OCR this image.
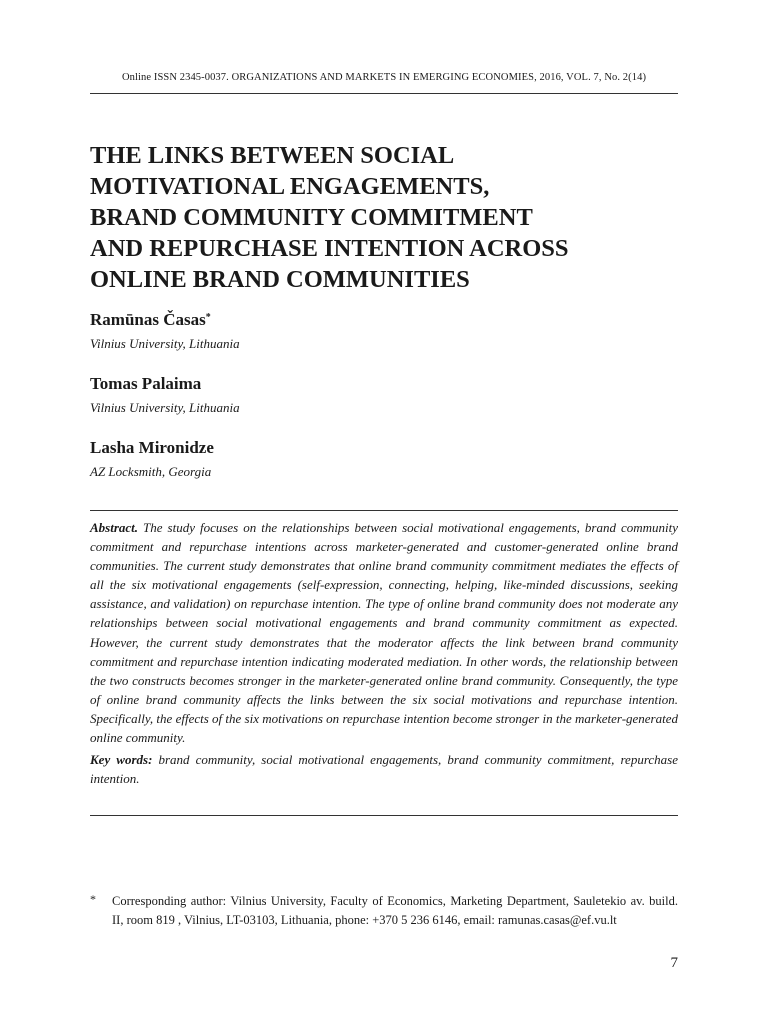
Online ISSN 2345-0037. ORGANIZATIONS AND MARKETS IN EMERGING ECONOMIES, 2016, VOL. 7, No. 2(14)
THE LINKS BETWEEN SOCIAL
MOTIVATIONAL ENGAGEMENTS,
BRAND COMMUNITY COMMITMENT
AND REPURCHASE INTENTION ACROSS
ONLINE BRAND COMMUNITIES
Ramūnas Časas*
Vilnius University, Lithuania
Tomas Palaima
Vilnius University, Lithuania
Lasha Mironidze
AZ Locksmith, Georgia

Abstract. The study focuses on the relationships between social motivational engagements, brand community commitment and repurchase intentions across marketer-generated and customer-generated online brand communities. The current study demonstrates that online brand community commitment mediates the effects of all the six motivational engagements (self-expression, connecting, helping, like-minded discussions, seeking assistance, and validation) on repurchase intention. The type of online brand community does not moderate any relationships between social motivational engagements and brand community commitment as expected. However, the current study demonstrates that the moderator affects the link between brand community commitment and repurchase intention indicating moderated mediation. In other words, the relationship between the two constructs becomes stronger in the marketer-generated online brand community. Consequently, the type of online brand community affects the links between the six social motivations and repurchase intention. Specifically, the effects of the six motivations on repurchase intention become stronger in the marketer-generated online community.

Key words: brand community, social motivational engagements, brand community commitment, repurchase intention.

* Corresponding author: Vilnius University, Faculty of Economics, Marketing Department, Sauletekio av. build. II, room 819 , Vilnius, LT-03103, Lithuania, phone: +370 5 236 6146, email: ramunas.casas@ef.vu.lt
7
